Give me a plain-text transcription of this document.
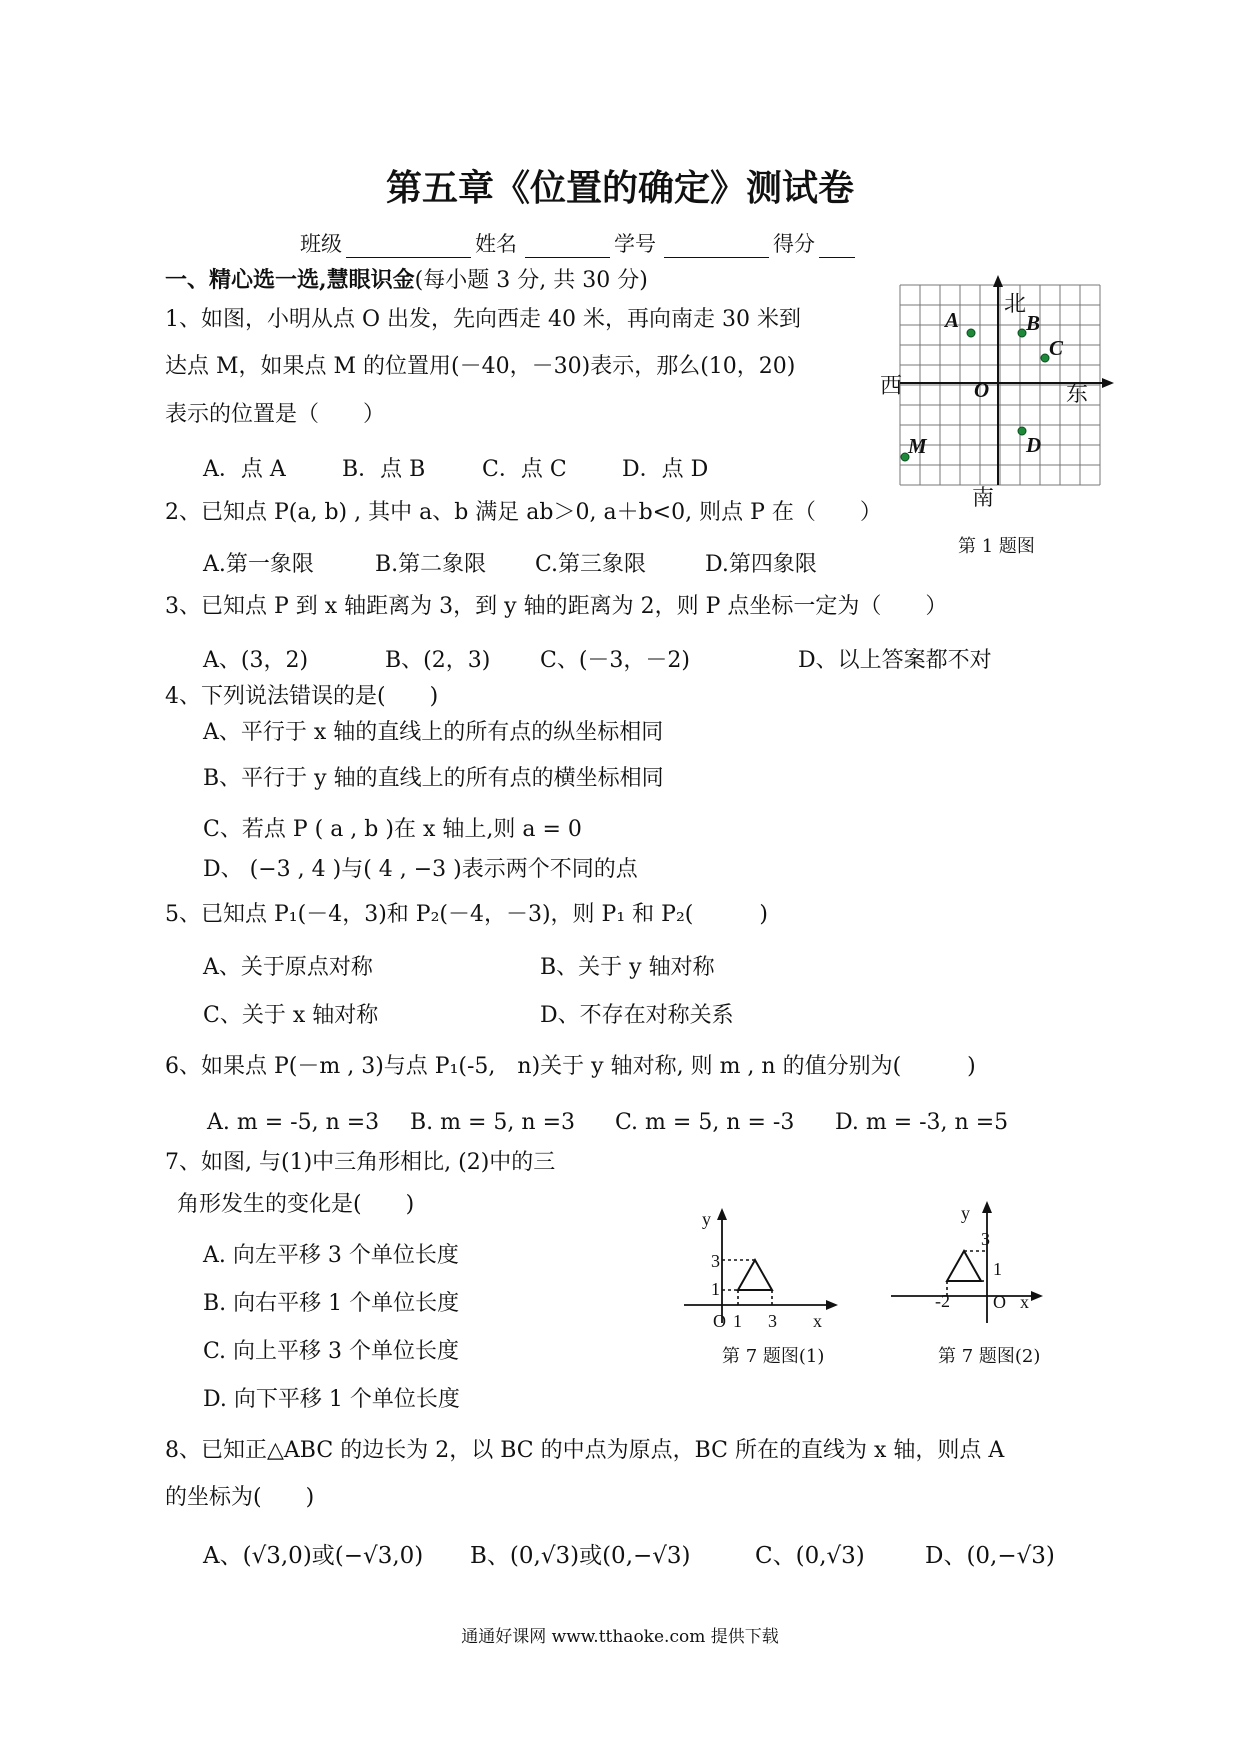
第五章《位置的确定》测试卷
班级	姓名	学号	得分
一、精心选一选,慧眼识金(每小题 3 分, 共 30 分)
1、如图，小明从点 O 出发，先向西走 40 米，再向南走 30 米到
达点 M，如果点 M 的位置用(－40，－30)表示，那么(10，20)
表示的位置是（　　）
A．点 A	B．点 B	C．点 C	D．点 D
北
南
西	东
O
A	B
C
D
M
第 1 题图
2、已知点 P(a, b) , 其中 a、b 满足 ab＞0, a＋b<0, 则点 P 在（　　）
A.第一象限	B.第二象限 C.第三象限	D.第四象限
3、已知点 P 到 x 轴距离为 3，到 y 轴的距离为 2，则 P 点坐标一定为（　　）
A、(3，2)	B、(2，3) C、(－3，－2)	D、以上答案都不对
4、下列说法错误的是(　　)
A、平行于 x 轴的直线上的所有点的纵坐标相同
B、平行于 y 轴的直线上的所有点的横坐标相同
C、若点 P ( a , b )在 x 轴上,则 a = 0
D、 (−3 , 4 )与( 4 , −3 )表示两个不同的点
5、已知点 P₁(－4，3)和 P₂(－4，－3)，则 P₁ 和 P₂(　　　)
A、关于原点对称	B、关于 y 轴对称
C、关于 x 轴对称	D、不存在对称关系
6、如果点 P(－m , 3)与点 P₁(-5,　n)关于 y 轴对称, 则 m , n 的值分别为(　　　)
A. m = -5, n =3 B. m = 5, n =3 C. m = 5, n = -3 D. m = -3, n =5
7、如图, 与(1)中三角形相比, (2)中的三
角形发生的变化是(　　)
A. 向左平移 3 个单位长度
B. 向右平移 1 个单位长度
C. 向上平移 3 个单位长度
D. 向下平移 1 个单位长度
y
x
O 1 3
3
1
第 7 题图(1)
y
x
O
-2
3
1
第 7 题图(2)
8、已知正△ABC 的边长为 2，以 BC 的中点为原点，BC 所在的直线为 x 轴，则点 A
的坐标为(　　)
A、(√3,0)或(−√3,0) B、(0,√3)或(0,−√3)	C、(0,√3)	D、(0,−√3)
通通好课网 www.tthaoke.com 提供下载
